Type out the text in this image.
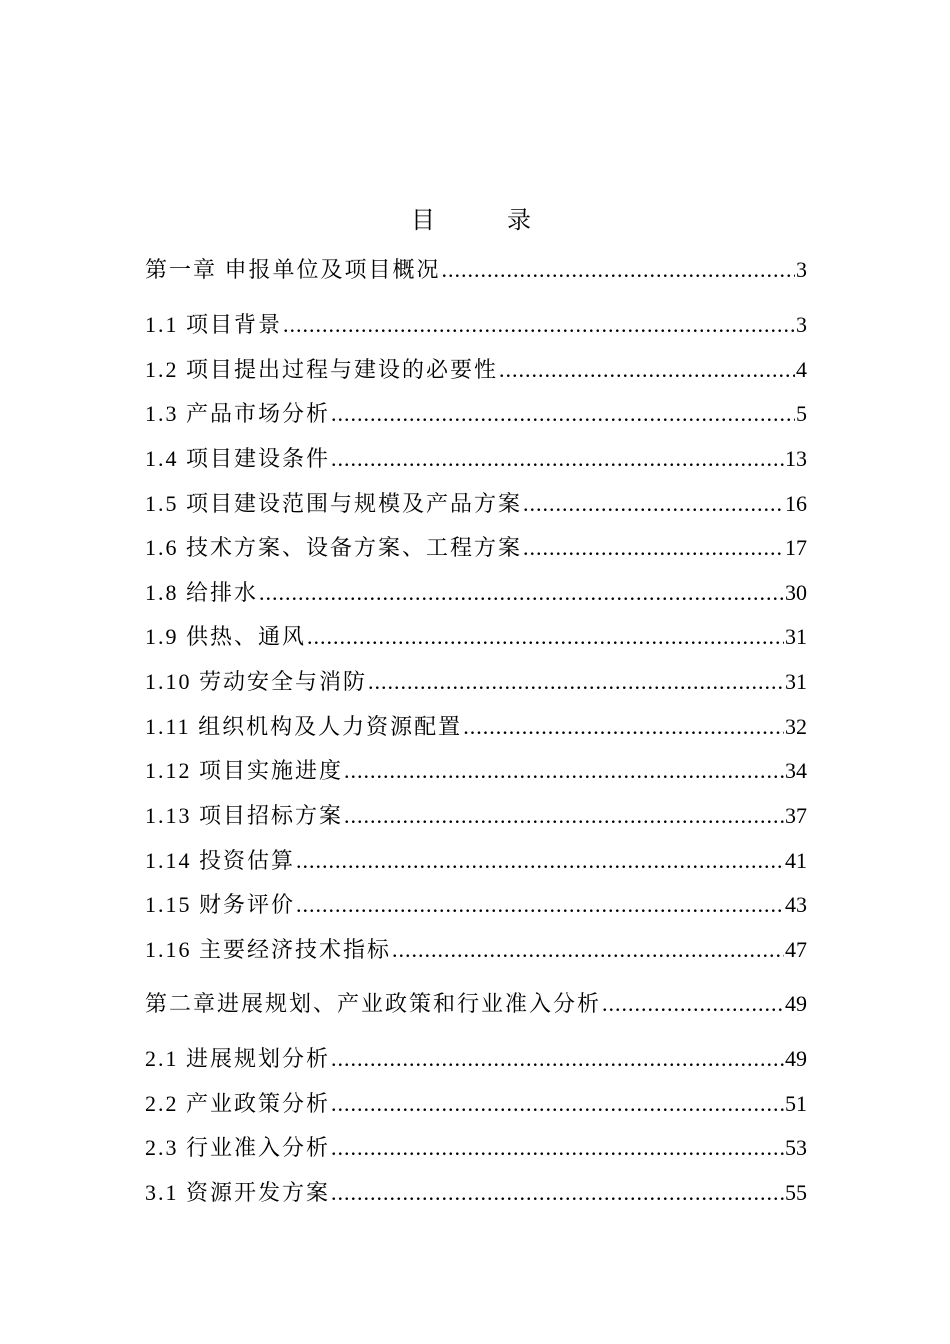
目　录
第一章 申报单位及项目概况 .....	3
1.1 项目背景 .....	3
1.2 项目提出过程与建设的必要性 .....	4
1.3 产品市场分析 .....	5
1.4 项目建设条件 .....	13
1.5 项目建设范围与规模及产品方案 .....	16
1.6 技术方案、设备方案、工程方案 .....	17
1.8 给排水 .....	30
1.9 供热、通风 .....	31
1.10 劳动安全与消防 .....	31
1.11 组织机构及人力资源配置 .....	32
1.12 项目实施进度 .....	34
1.13 项目招标方案 .....	37
1.14 投资估算 .....	41
1.15 财务评价 .....	43
1.16 主要经济技术指标 .....	47
第二章进展规划、产业政策和行业准入分析 .....	49
2.1 进展规划分析 .....	49
2.2 产业政策分析 .....	51
2.3 行业准入分析 .....	53
3.1 资源开发方案 .....	55
